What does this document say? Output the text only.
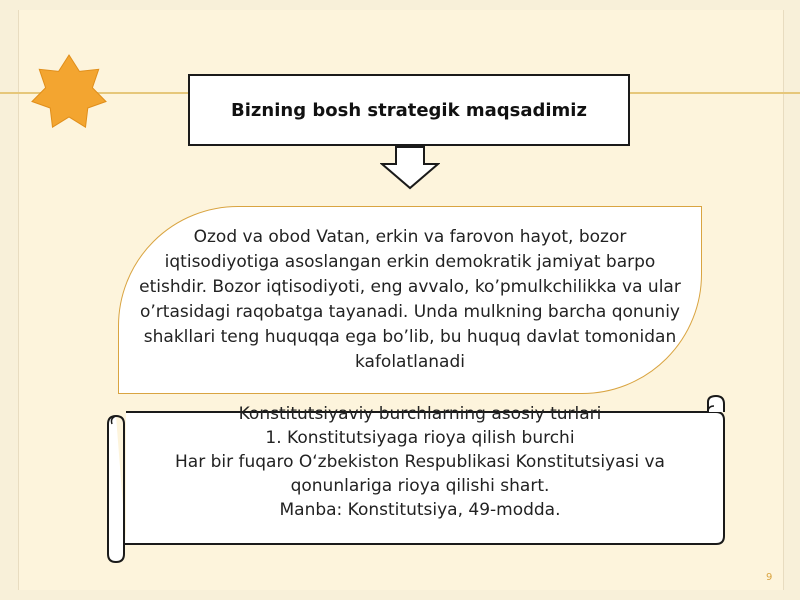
Bizning bosh strategik maqsadimiz
Ozod va obod Vatan, erkin va farovon hayot, bozor iqtisodiyotiga asoslangan erkin demokratik jamiyat barpo etishdir. Bozor iqtisodiyoti, eng avvalo, ko’pmulkchilikka va ular o’rtasidagi raqobatga tayanadi. Unda mulkning barcha qonuniy shakllari teng huquqqa ega bo’lib, bu huquq davlat tomonidan kafolatlanadi
Konstitutsiyaviy burchlarning asosiy turlari
1. Konstitutsiyaga rioya qilish burchi
Har bir fuqaro O‘zbekiston Respublikasi Konstitutsiyasi va qonunlariga rioya qilishi shart.
Manba: Konstitutsiya, 49-modda.
9
